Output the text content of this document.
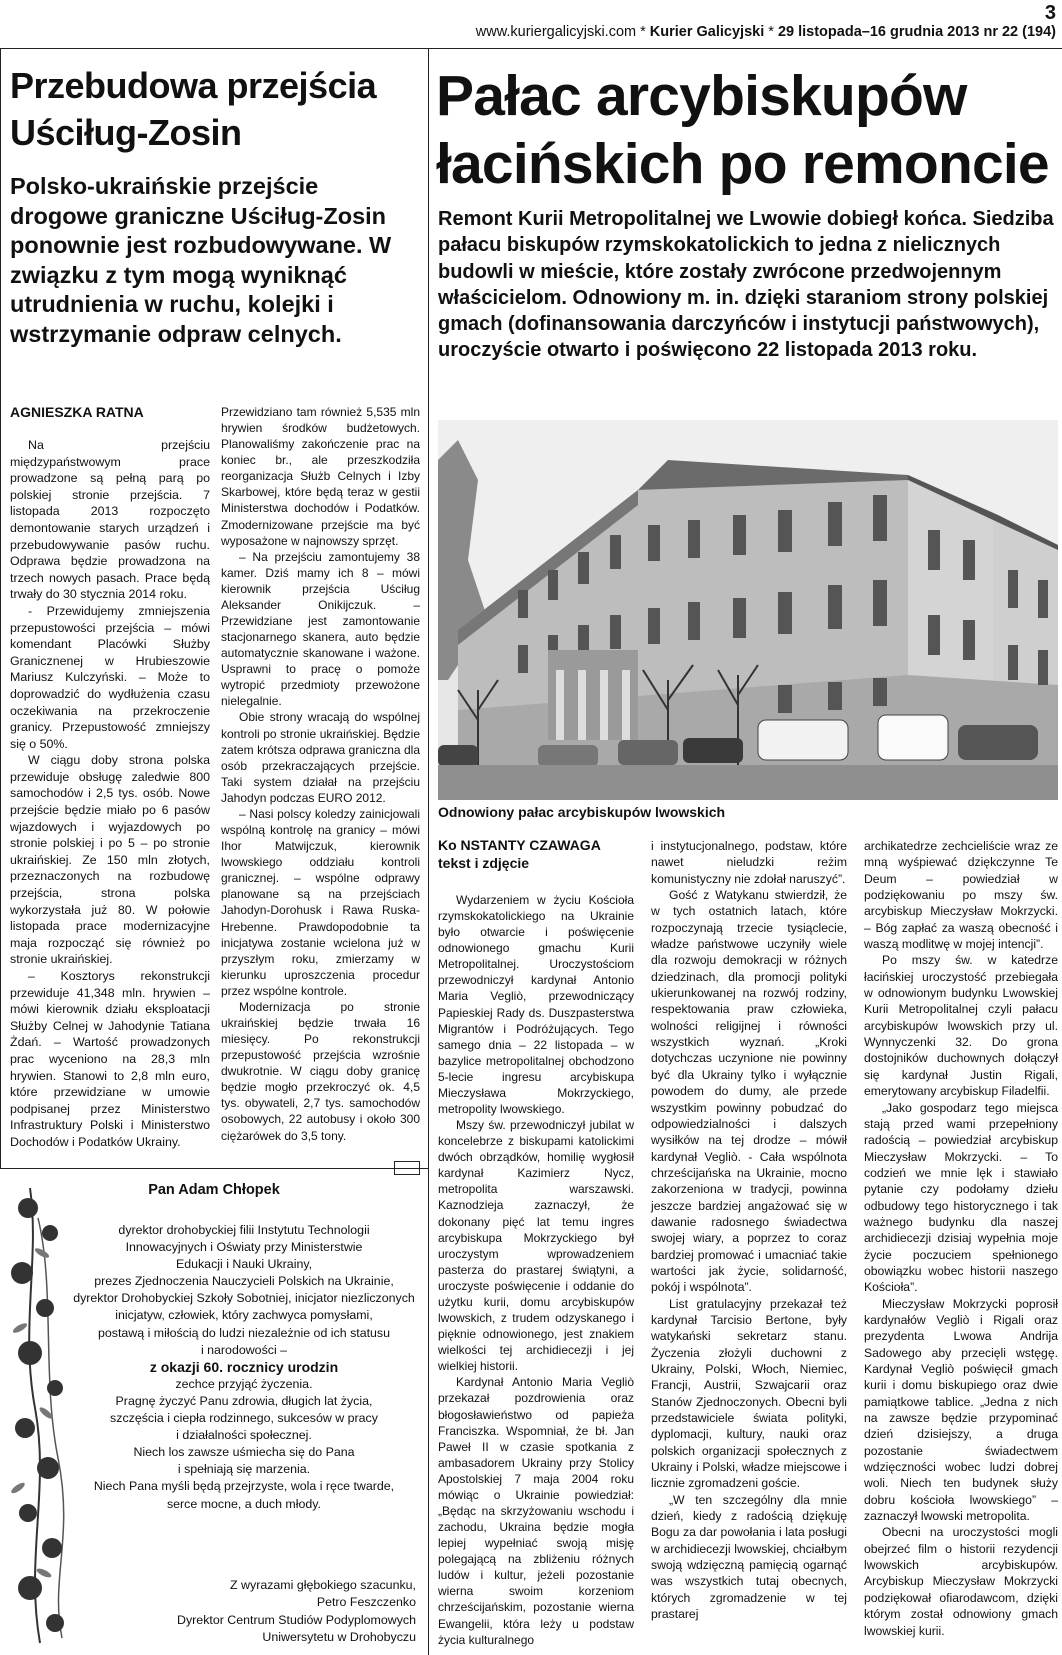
3
www.kuriergalicyjski.com * Kurier Galicyjski * 29 listopada–16 grudnia 2013 nr 22 (194)
Przebudowa przejścia Uściług-Zosin
Polsko-ukraińskie przejście drogowe graniczne Uściług-Zosin ponownie jest rozbudowywane. W związku z tym mogą wyniknąć utrudnienia w ruchu, kolejki i wstrzymanie odpraw celnych.
AGNIESZKA RATNA

Na przejściu międzypaństwowym prace prowadzone są pełną parą po polskiej stronie przejścia. 7 listopada 2013 rozpoczęto demontowanie starych urządzeń i przebudowywanie pasów ruchu. Odprawa będzie prowadzona na trzech nowych pasach. Prace będą trwały do 30 stycznia 2014 roku.

- Przewidujemy zmniejszenia przepustowości przejścia – mówi komendant Placówki Służby Granicznenej w Hrubieszowie Mariusz Kulczyński. – Może to doprowadzić do wydłużenia czasu oczekiwania na przekroczenie granicy. Przepustowość zmniejszy się o 50%.

W ciągu doby strona polska przewiduje obsługę zaledwie 800 samochodów i 2,5 tys. osób. Nowe przejście będzie miało po 6 pasów wjazdowych i wyjazdowych po stronie polskiej i po 5 – po stronie ukraińskiej. Ze 150 mln złotych, przeznaczonych na rozbudowę przejścia, strona polska wykorzystała już 80. W połowie listopada prace modernizacyjne maja rozpocząć się również po stronie ukraińskiej.

– Kosztorys rekonstrukcji przewiduje 41,348 mln. hrywien – mówi kierownik działu eksploatacji Służby Celnej w Jahodynie Tatiana Żdań. – Wartość prowadzonych prac wyceniono na 28,3 mln hrywien. Stanowi to 2,8 mln euro, które przewidziane w umowie podpisanej przez Ministerstwo Infrastruktury Polski i Ministerstwo Dochodów i Podatków Ukrainy.

Przewidziano tam również 5,535 mln hrywien środków budżetowych. Planowaliśmy zakończenie prac na koniec br., ale przeszkodziła reorganizacja Służb Celnych i Izby Skarbowej, które będą teraz w gestii Ministerstwa dochodów i Podatków. Zmodernizowane przejście ma być wyposażone w najnowszy sprzęt.

– Na przejściu zamontujemy 38 kamer. Dziś mamy ich 8 – mówi kierownik przejścia Uściług Aleksander Onikijczuk. –Przewidziane jest zamontowanie stacjonarnego skanera, auto będzie automatycznie skanowane i ważone. Usprawni to pracę o pomoże wytropić przedmioty przewożone nielegalnie.

Obie strony wracają do wspólnej kontroli po stronie ukraińskiej. Będzie zatem krótsza odprawa graniczna dla osób przekraczających przejście. Taki system działał na przejściu Jahodyn podczas EURO 2012.

– Nasi polscy koledzy zainicjowali wspólną kontrolę na granicy – mówi Ihor Matwijczuk, kierownik lwowskiego oddziału kontroli granicznej. – wspólne odprawy planowane są na przejściach Jahodyn-Dorohusk i Rawa Ruska-Hrebenne. Prawdopodobnie ta inicjatywa zostanie wcielona już w przyszłym roku, zmierzamy w kierunku uproszczenia procedur przez wspólne kontrole.

Modernizacja po stronie ukraińskiej będzie trwała 16 miesięcy. Po rekonstrukcji przepustowość przejścia wzrośnie dwukrotnie. W ciągu doby granicę będzie mogło przekroczyć ok. 4,5 tys. obywateli, 2,7 tys. samochodów osobowych, 22 autobusy i około 300 ciężarówek do 3,5 tony.

Pan Adam Chłopek
dyrektor drohobyckiej filii Instytutu Technologii
Innowacyjnych i Oświaty przy Ministerstwie
Edukacji i Nauki Ukrainy,
prezes Zjednoczenia Nauczycieli Polskich na Ukrainie,
dyrektor Drohobyckiej Szkoły Sobotniej, inicjator niezliczonych
inicjatyw, człowiek, który zachwyca pomysłami,
postawą i miłością do ludzi niezależnie od ich statusu
i narodowości –
z okazji 60. rocznicy urodzin
zechce przyjąć życzenia.
Pragnę życzyć Panu zdrowia, długich lat życia,
szczęścia i ciepła rodzinnego, sukcesów w pracy
i działalności społecznej.
Niech los zawsze uśmiecha się do Pana
i spełniają się marzenia.
Niech Pana myśli będą przejrzyste, wola i ręce twarde,
serce mocne, a duch młody.
Z wyrazami głębokiego szacunku,
Petro Feszczenko
Dyrektor Centrum Studiów Podyplomowych
Uniwersytetu w Drohobyczu
Pałac arcybiskupów łacińskich po remoncie
Remont Kurii Metropolitalnej we Lwowie dobiegł końca. Siedziba pałacu biskupów rzymskokatolickich to jedna z nielicznych budowli w mieście, które zostały zwrócone przedwojennym właścicielom. Odnowiony m. in. dzięki staraniom strony polskiej gmach (dofinansowania darczyńców i instytucji państwowych), uroczyście otwarto i poświęcono 22 listopada 2013 roku.
Odnowiony pałac arcybiskupów lwowskich
Ko NSTANTY CZAWAGA
tekst i zdjęcie

Wydarzeniem w życiu Kościoła rzymskokatolickiego na Ukrainie było otwarcie i poświęcenie odnowionego gmachu Kurii Metropolitalnej. Uroczystościom przewodniczył kardynał Antonio Maria Vegliò, przewodniczący Papieskiej Rady ds. Duszpasterstwa Migrantów i Podróżujących. Tego samego dnia – 22 listopada – w bazylice metropolitalnej obchodzono 5-lecie ingresu arcybiskupa Mieczysława Mokrzyckiego, metropolity lwowskiego.

Mszy św. przewodniczył jubilat w koncelebrze z biskupami katolickimi dwóch obrządków, homilię wygłosił kardynał Kazimierz Nycz, metropolita warszawski. Kaznodzieja zaznaczył, że dokonany pięć lat temu ingres arcybiskupa Mokrzyckiego był uroczystym wprowadzeniem pasterza do prastarej świątyni, a uroczyste poświęcenie i oddanie do użytku kurii, domu arcybiskupów lwowskich, z trudem odzyskanego i pięknie odnowionego, jest znakiem wielkości tej archidiecezji i jej wielkiej historii.

Kardynał Antonio Maria Vegliò przekazał pozdrowienia oraz błogosławieństwo od papieża Franciszka. Wspomniał, że bł. Jan Paweł II w czasie spotkania z ambasadorem Ukrainy przy Stolicy Apostolskiej 7 maja 2004 roku mówiąc o Ukrainie powiedział: „Będąc na skrzyżowaniu wschodu i zachodu, Ukraina będzie mogła lepiej wypełniać swoją misję polegającą na zbliżeniu różnych ludów i kultur, jeżeli pozostanie wierna swoim korzeniom chrześcijańskim, pozostanie wierna Ewangelii, która leży u podstaw życia kulturalnego

i instytucjonalnego, podstaw, które nawet nieludzki reżim komunistyczny nie zdołał naruszyć”.

Gość z Watykanu stwierdził, że w tych ostatnich latach, które rozpoczynają trzecie tysiąclecie, władze państwowe uczyniły wiele dla rozwoju demokracji w różnych dziedzinach, dla promocji polityki ukierunkowanej na rozwój rodziny, respektowania praw człowieka, wolności religijnej i równości wszystkich wyznań. „Kroki dotychczas uczynione nie powinny być dla Ukrainy tylko i wyłącznie powodem do dumy, ale przede wszystkim powinny pobudzać do odpowiedzialności i dalszych wysiłków na tej drodze – mówił kardynał Vegliò. - Cała wspólnota chrześcijańska na Ukrainie, mocno zakorzeniona w tradycji, powinna jeszcze bardziej angażować się w dawanie radosnego świadectwa swojej wiary, a poprzez to coraz bardziej promować i umacniać takie wartości jak życie, solidarność, pokój i wspólnota”.

List gratulacyjny przekazał też kardynał Tarcisio Bertone, były watykański sekretarz stanu. Życzenia złożyli duchowni z Ukrainy, Polski, Włoch, Niemiec, Francji, Austrii, Szwajcarii oraz Stanów Zjednoczonych. Obecni byli przedstawiciele świata polityki, dyplomacji, kultury, nauki oraz polskich organizacji społecznych z Ukrainy i Polski, władze miejscowe i licznie zgromadzeni goście.

„W ten szczególny dla mnie dzień, kiedy z radością dziękuję Bogu za dar powołania i lata posługi w archidiecezji lwowskiej, chciałbym swoją wdzięczną pamięcią ogarnąć was wszystkich tutaj obecnych, których zgromadzenie w tej prastarej

archikatedrze zechcieliście wraz ze mną wyśpiewać dziękczynne Te Deum – powiedział w podziękowaniu po mszy św. arcybiskup Mieczysław Mokrzycki. – Bóg zapłać za waszą obecność i waszą modlitwę w mojej intencji”.

Po mszy św. w katedrze łacińskiej uroczystość przebiegała w odnowionym budynku Lwowskiej Kurii Metropolitalnej czyli pałacu arcybiskupów lwowskich przy ul. Wynnyczenki 32. Do grona dostojników duchownych dołączył się kardynał Justin Rigali, emerytowany arcybiskup Filadelfii.

„Jako gospodarz tego miejsca stają przed wami przepełniony radością – powiedział arcybiskup Mieczysław Mokrzycki. – To codzień we mnie lęk i stawiało pytanie czy podołamy dziełu odbudowy tego historycznego i tak ważnego budynku dla naszej archidiecezji dzisiaj wypełnia moje życie poczuciem spełnionego obowiązku wobec historii naszego Kościoła”.

Mieczysław Mokrzycki poprosił kardynałów Vegliò i Rigali oraz prezydenta Lwowa Andrija Sadowego aby przecięli wstęgę. Kardynał Vegliò poświęcił gmach kurii i domu biskupiego oraz dwie pamiątkowe tablice. „Jedna z nich na zawsze będzie przypominać dzień dzisiejszy, a druga pozostanie świadectwem wdzięczności wobec ludzi dobrej woli. Niech ten budynek służy dobru kościoła lwowskiego” – zaznaczył lwowski metropolita.

Obecni na uroczystości mogli obejrzeć film o historii rezydencji lwowskich arcybiskupów. Arcybiskup Mieczysław Mokrzycki podziękował ofiarodawcom, dzięki którym został odnowiony gmach lwowskiej kurii.
